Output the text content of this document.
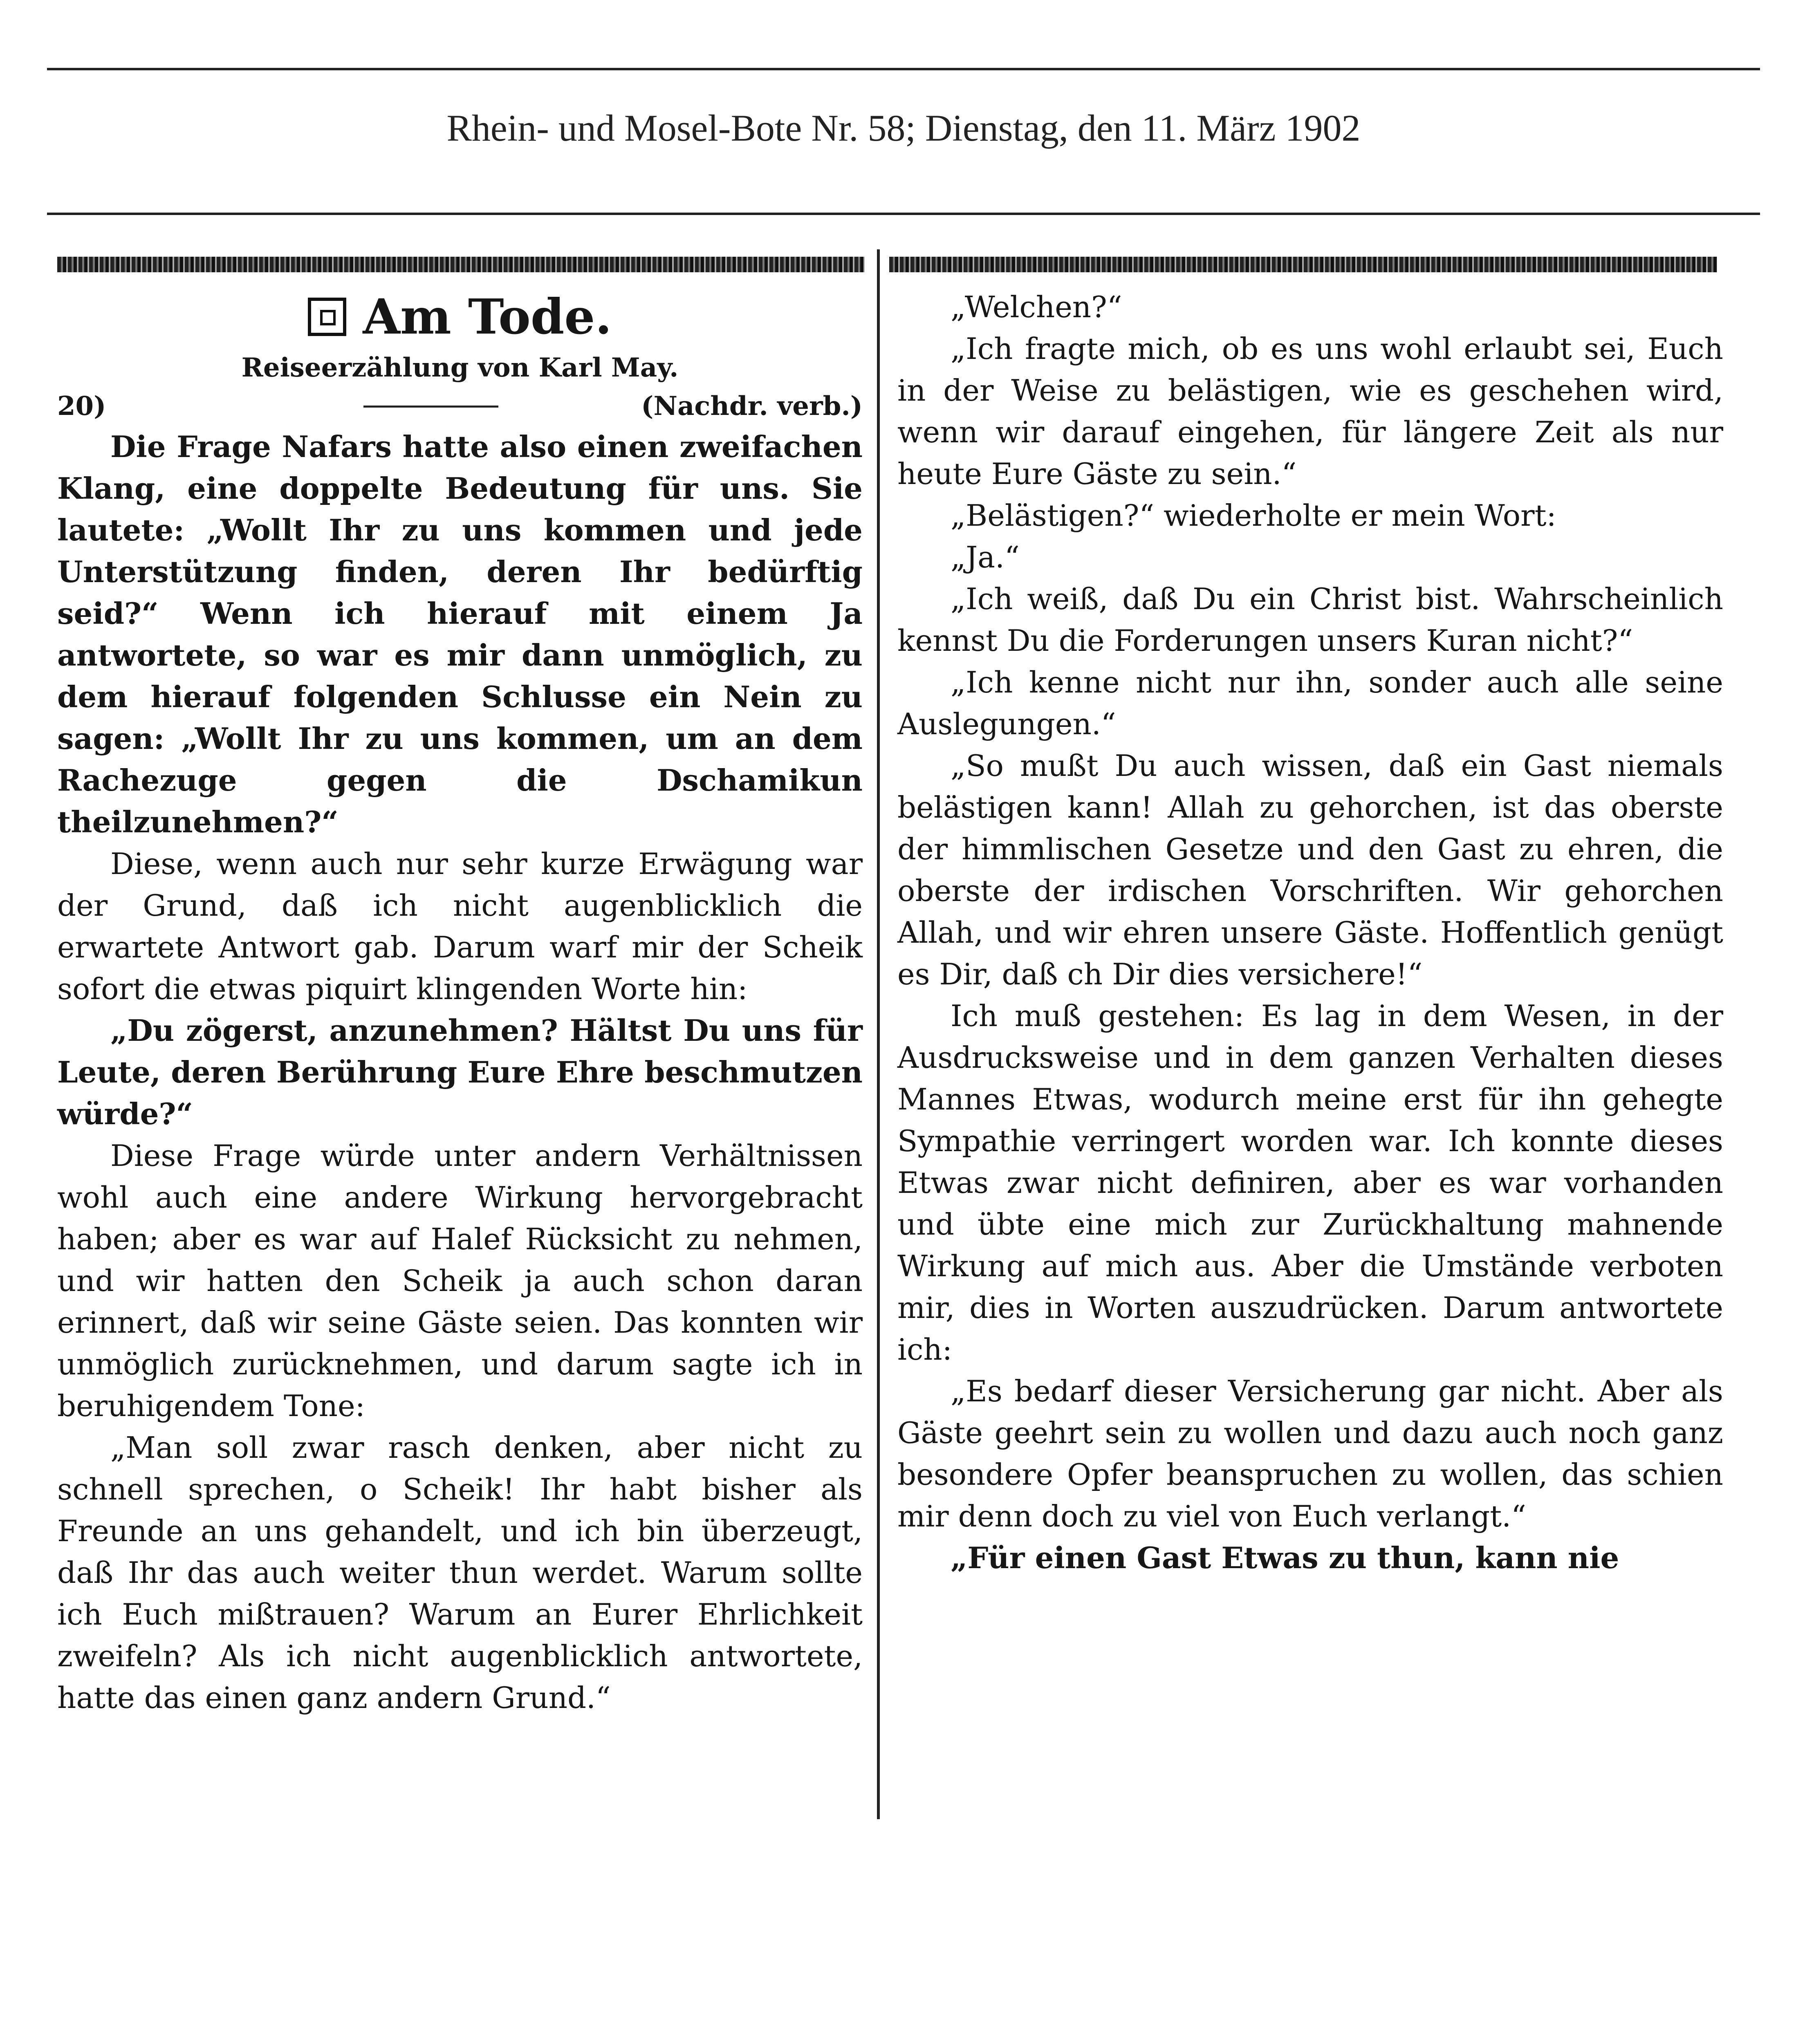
Rhein- und Mosel-Bote Nr. 58; Dienstag, den 11. März 1902
Am Tode.
Reiseerzählung von Karl May.
20)	(Nachdr. verb.)

Die Frage Nafars hatte also einen zweifachen Klang, eine doppelte Bedeutung für uns. Sie lautete: „Wollt Ihr zu uns kommen und jede Unterstützung finden, deren Ihr bedürftig seid?“ Wenn ich hierauf mit einem Ja antwortete, so war es mir dann unmöglich, zu dem hierauf folgenden Schlusse ein Nein zu sagen: „Wollt Ihr zu uns kommen, um an dem Rachezuge gegen die Dschamikun theilzunehmen?“

Diese, wenn auch nur sehr kurze Erwägung war der Grund, daß ich nicht augenblicklich die erwartete Antwort gab. Darum warf mir der Scheik sofort die etwas piquirt klingenden Worte hin:

„Du zögerst, anzunehmen? Hältst Du uns für Leute, deren Berührung Eure Ehre beschmutzen würde?“

Diese Frage würde unter andern Verhältnissen wohl auch eine andere Wirkung hervorgebracht haben; aber es war auf Halef Rücksicht zu nehmen, und wir hatten den Scheik ja auch schon daran erinnert, daß wir seine Gäste seien. Das konnten wir unmöglich zurücknehmen, und darum sagte ich in beruhigendem Tone:

„Man soll zwar rasch denken, aber nicht zu schnell sprechen, o Scheik! Ihr habt bisher als Freunde an uns gehandelt, und ich bin überzeugt, daß Ihr das auch weiter thun werdet. Warum sollte ich Euch mißtrauen? Warum an Eurer Ehrlichkeit zweifeln? Als ich nicht augenblicklich antwortete, hatte das einen ganz andern Grund.“

„Welchen?“

„Ich fragte mich, ob es uns wohl erlaubt sei, Euch in der Weise zu belästigen, wie es geschehen wird, wenn wir darauf eingehen, für längere Zeit als nur heute Eure Gäste zu sein.“

„Belästigen?“ wiederholte er mein Wort:

„Ja.“

„Ich weiß, daß Du ein Christ bist. Wahrscheinlich kennst Du die Forderungen unsers Kuran nicht?“

„Ich kenne nicht nur ihn, sonder auch alle seine Auslegungen.“

„So mußt Du auch wissen, daß ein Gast niemals belästigen kann! Allah zu gehorchen, ist das oberste der himmlischen Gesetze und den Gast zu ehren, die oberste der irdischen Vorschriften. Wir gehorchen Allah, und wir ehren unsere Gäste. Hoffentlich genügt es Dir, daß ch Dir dies versichere!“

Ich muß gestehen: Es lag in dem Wesen, in der Ausdrucksweise und in dem ganzen Verhalten dieses Mannes Etwas, wodurch meine erst für ihn gehegte Sympathie verringert worden war. Ich konnte dieses Etwas zwar nicht definiren, aber es war vorhanden und übte eine mich zur Zurückhaltung mahnende Wirkung auf mich aus. Aber die Umstände verboten mir, dies in Worten auszudrücken. Darum antwortete ich:

„Es bedarf dieser Versicherung gar nicht. Aber als Gäste geehrt sein zu wollen und dazu auch noch ganz besondere Opfer beanspruchen zu wollen, das schien mir denn doch zu viel von Euch verlangt.“

„Für einen Gast Etwas zu thun, kann nie
